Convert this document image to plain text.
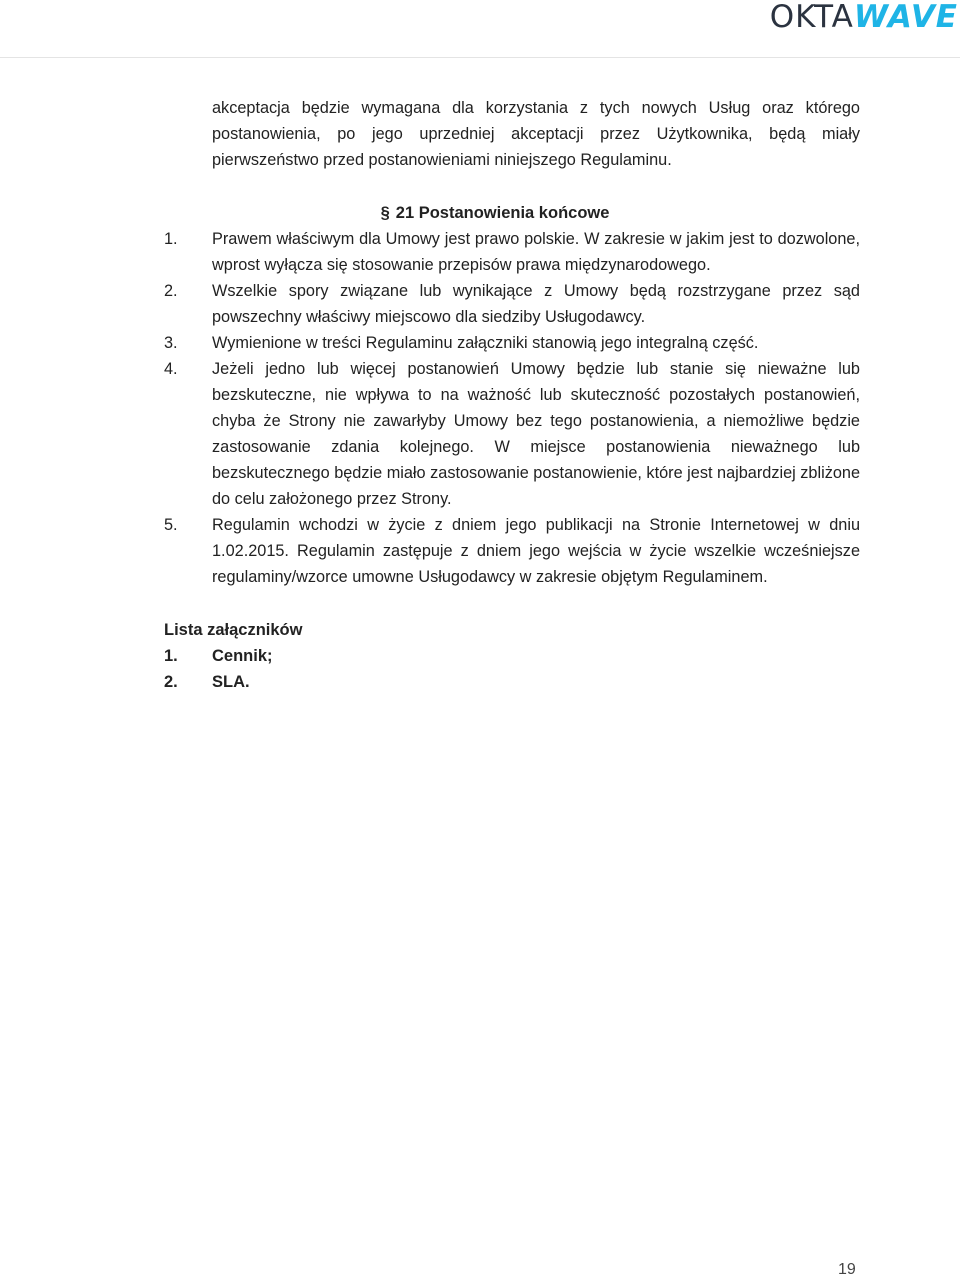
OKTAWAVE
akceptacja będzie wymagana dla korzystania z tych nowych Usług oraz którego postanowienia, po jego uprzedniej akceptacji przez Użytkownika, będą miały pierwszeństwo przed postanowieniami niniejszego Regulaminu.
§ 21 Postanowienia końcowe
1. Prawem właściwym dla Umowy jest prawo polskie. W zakresie w jakim jest to dozwolone, wprost wyłącza się stosowanie przepisów prawa międzynarodowego.
2. Wszelkie spory związane lub wynikające z Umowy będą rozstrzygane przez sąd powszechny właściwy miejscowo dla siedziby Usługodawcy.
3. Wymienione w treści Regulaminu załączniki stanowią jego integralną część.
4. Jeżeli jedno lub więcej postanowień Umowy będzie lub stanie się nieważne lub bezskuteczne, nie wpływa to na ważność lub skuteczność pozostałych postanowień, chyba że Strony nie zawarłyby Umowy bez tego postanowienia, a niemożliwe będzie zastosowanie zdania kolejnego. W miejsce postanowienia nieważnego lub bezskutecznego będzie miało zastosowanie postanowienie, które jest najbardziej zbliżone do celu założonego przez Strony.
5. Regulamin wchodzi w życie z dniem jego publikacji na Stronie Internetowej w dniu 1.02.2015. Regulamin zastępuje z dniem jego wejścia w życie wszelkie wcześniejsze regulaminy/wzorce umowne Usługodawcy w zakresie objętym Regulaminem.
Lista załączników
1. Cennik;
2. SLA.
19
